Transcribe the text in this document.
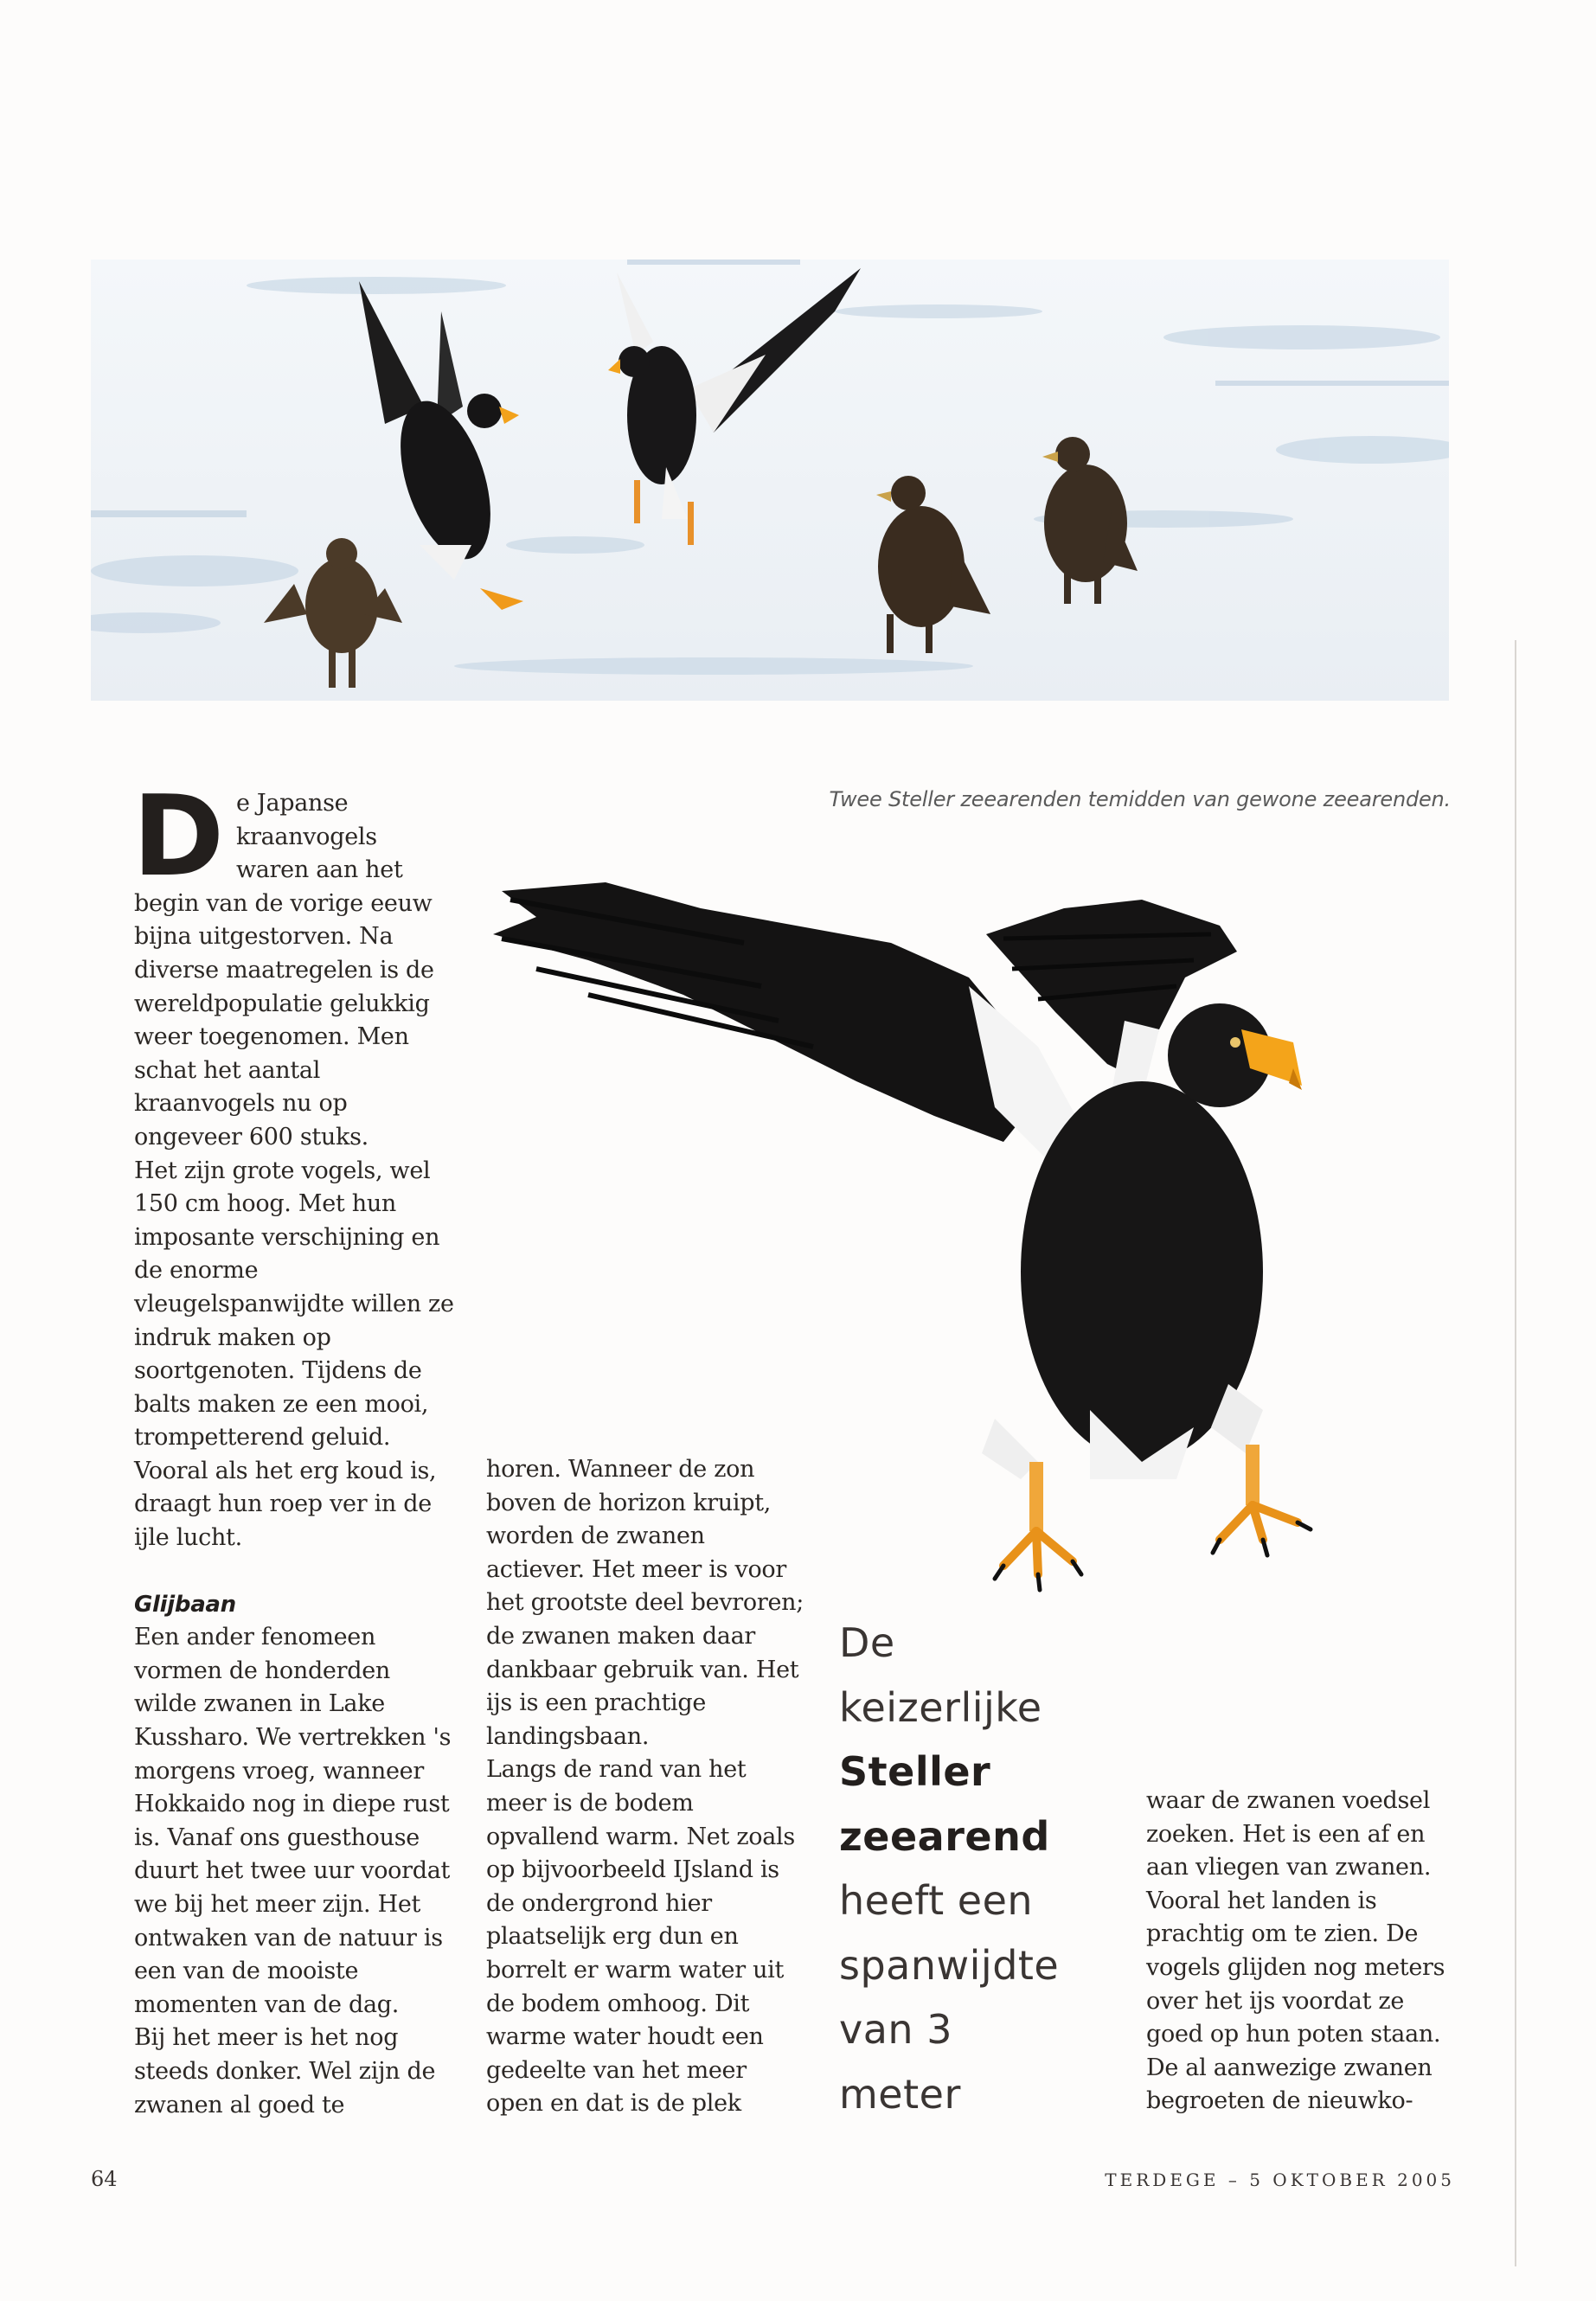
Twee Steller zeearenden temidden van gewone zeearenden.

De Japanse kraanvogels waren aan het begin van de vorige eeuw bijna uitgestorven. Na diverse maatregelen is de wereldpopulatie gelukkig weer toegenomen. Men schat het aantal kraanvogels nu op ongeveer 600 stuks.

Het zijn grote vogels, wel 150 cm hoog. Met hun imposante verschijning en de enorme vleugelspanwijdte willen ze indruk maken op soortgenoten. Tijdens de balts maken ze een mooi, trompetterend geluid. Vooral als het erg koud is, draagt hun roep ver in de ijle lucht.

Glijbaan

Een ander fenomeen vormen de honderden wilde zwanen in Lake Kussharo. We vertrekken 's morgens vroeg, wanneer Hokkaido nog in diepe rust is. Vanaf ons guesthouse duurt het twee uur voordat we bij het meer zijn. Het ontwaken van de natuur is een van de mooiste momenten van de dag.

Bij het meer is het nog steeds donker. Wel zijn de zwanen al goed te

horen. Wanneer de zon boven de horizon kruipt, worden de zwanen actiever. Het meer is voor het grootste deel bevroren; de zwanen maken daar dankbaar gebruik van. Het ijs is een prachtige landingsbaan.

Langs de rand van het meer is de bodem opvallend warm. Net zoals op bijvoorbeeld IJsland is de ondergrond hier plaatselijk erg dun en borrelt er warm water uit de bodem omhoog. Dit warme water houdt een gedeelte van het meer open en dat is de plek

De
keizerlijke
Steller
zeearend
heeft een
spanwijdte
van 3
meter

waar de zwanen voedsel zoeken. Het is een af en aan vliegen van zwanen. Vooral het landen is prachtig om te zien. De vogels glijden nog meters over het ijs voordat ze goed op hun poten staan. De al aanwezige zwanen begroeten de nieuwko-

64	TERDEGE – 5 OKTOBER 2005
